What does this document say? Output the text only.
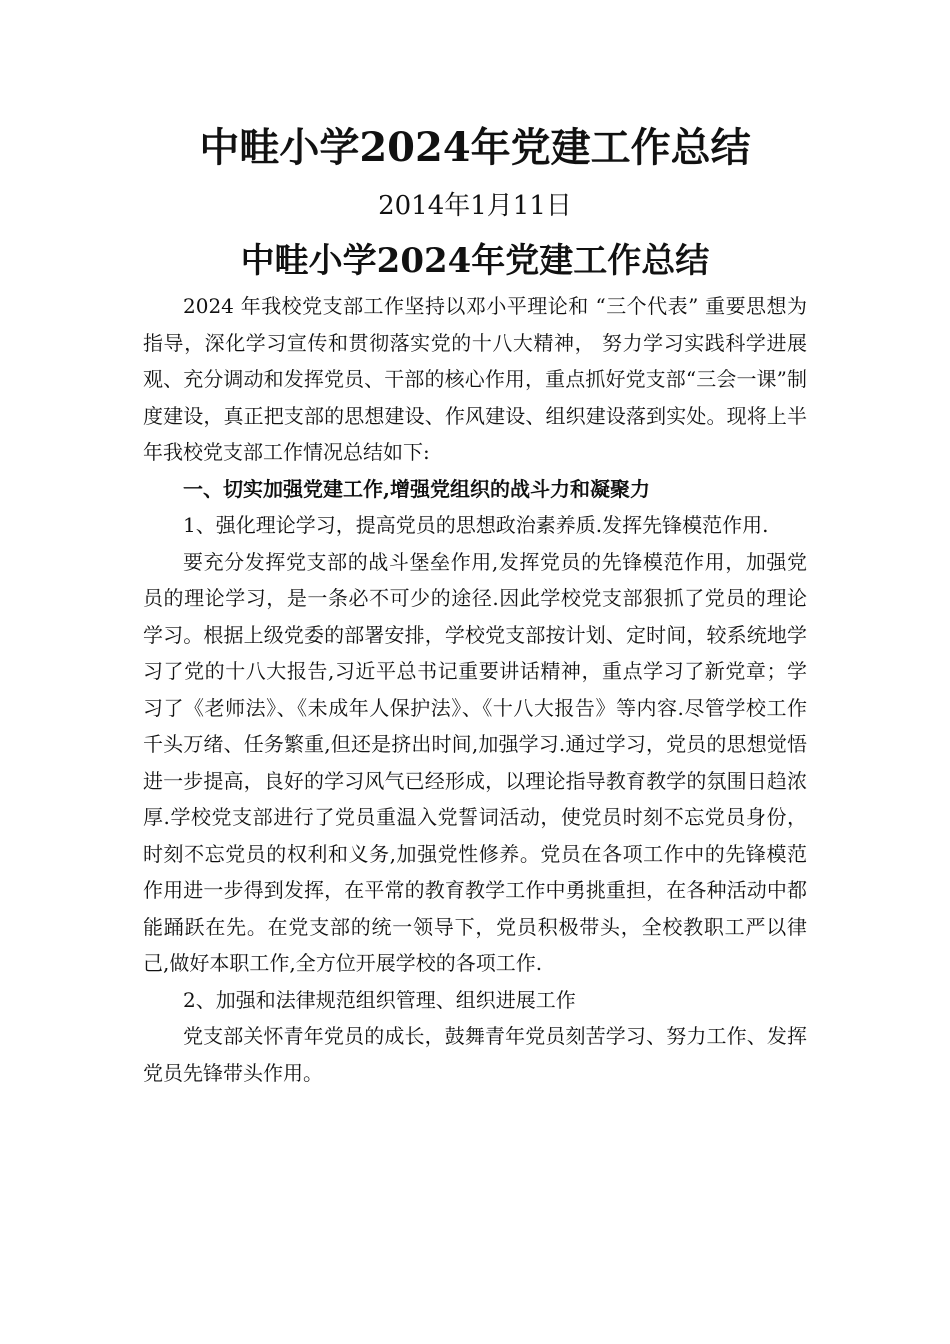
中畦小学2024年党建工作总结
2014年1月11日
中畦小学2024年党建工作总结

2024 年我校党支部工作坚持以邓小平理论和 “三个代表” 重要思想为指导，深化学习宣传和贯彻落实党的十八大精神， 努力学习实践科学进展观、充分调动和发挥党员、干部的核心作用，重点抓好党支部“三会一课”制度建设，真正把支部的思想建设、作风建设、组织建设落到实处。现将上半年我校党支部工作情况总结如下:

一、切实加强党建工作,增强党组织的战斗力和凝聚力

1、强化理论学习，提高党员的思想政治素养质.发挥先锋模范作用.

要充分发挥党支部的战斗堡垒作用,发挥党员的先锋模范作用，加强党员的理论学习，是一条必不可少的途径.因此学校党支部狠抓了党员的理论学习。根据上级党委的部署安排，学校党支部按计划、定时间，较系统地学习了党的十八大报告,习近平总书记重要讲话精神，重点学习了新党章；学习了《老师法》、《未成年人保护法》、《十八大报告》等内容.尽管学校工作千头万绪、任务繁重,但还是挤出时间,加强学习.通过学习，党员的思想觉悟进一步提高，良好的学习风气已经形成，以理论指导教育教学的氛围日趋浓厚.学校党支部进行了党员重温入党誓词活动，使党员时刻不忘党员身份，时刻不忘党员的权利和义务,加强党性修养。党员在各项工作中的先锋模范作用进一步得到发挥，在平常的教育教学工作中勇挑重担，在各种活动中都能踊跃在先。在党支部的统一领导下，党员积极带头，全校教职工严以律己,做好本职工作,全方位开展学校的各项工作.

2、加强和法律规范组织管理、组织进展工作

党支部关怀青年党员的成长，鼓舞青年党员刻苦学习、努力工作、发挥党员先锋带头作用。
